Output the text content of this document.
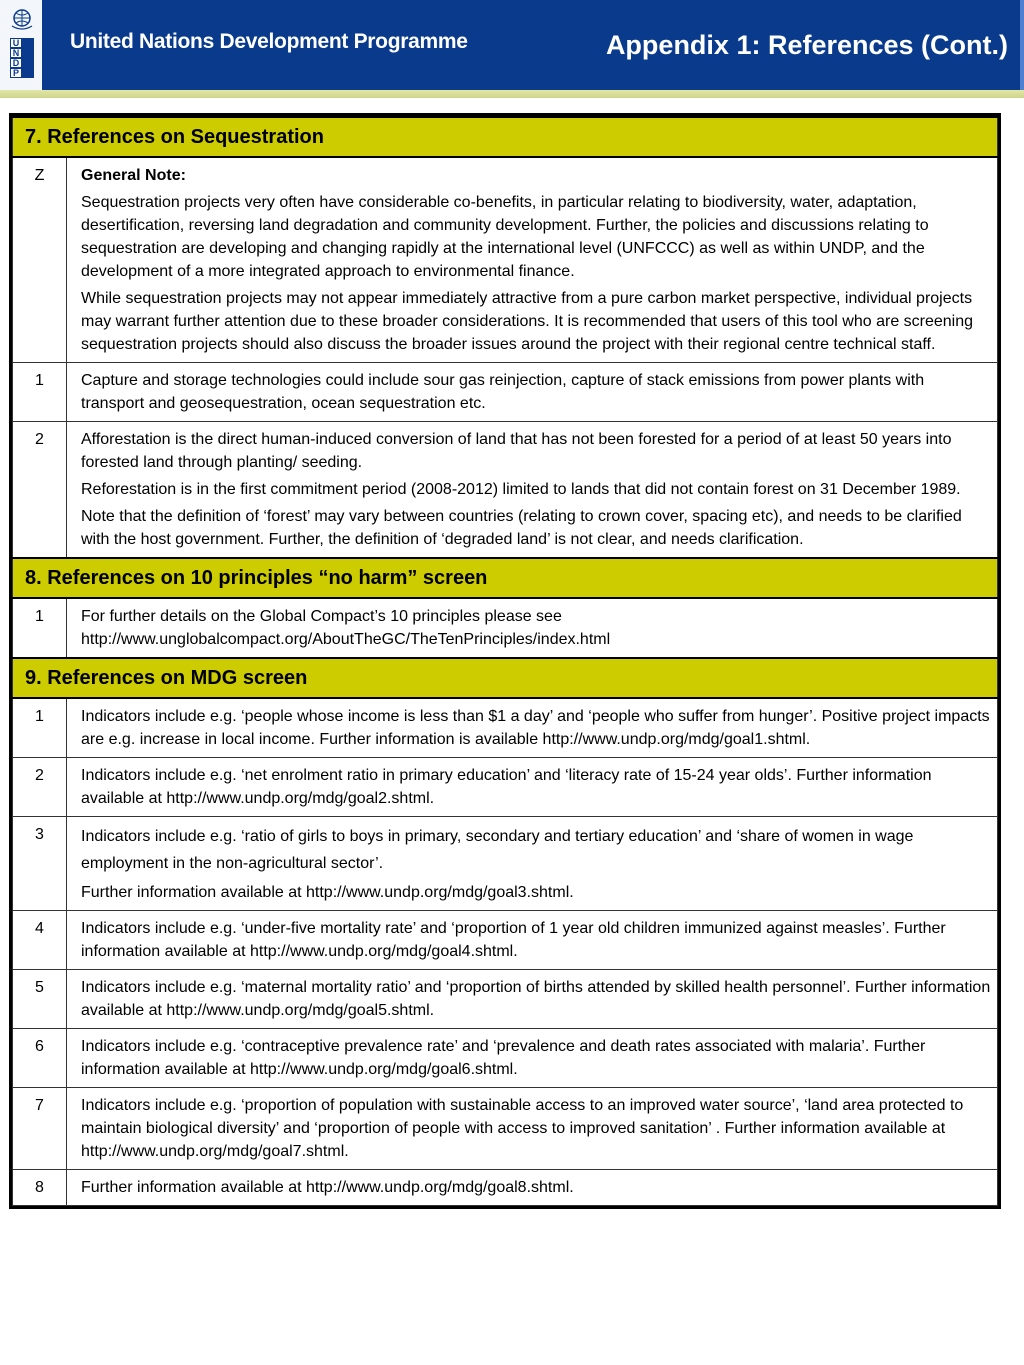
U
N
D
P
United Nations Development Programme	Appendix 1: References (Cont.)
7. References on Sequestration	
Z	General Note:

Sequestration projects very often have considerable co-benefits, in particular relating to biodiversity, water, adaptation, desertification, reversing land degradation and community development. Further, the policies and discussions relating to sequestration are developing and changing rapidly at the international level (UNFCCC) as well as within UNDP, and the development of a more integrated approach to environmental finance.

While sequestration projects may not appear immediately attractive from a pure carbon market perspective, individual projects may warrant further attention due to these broader considerations. It is recommended that users of this tool who are screening sequestration projects should also discuss the broader issues around the project with their regional centre technical staff.

1	Capture and storage technologies could include sour gas reinjection, capture of stack emissions from power plants with transport and geosequestration, ocean sequestration etc.

2	Afforestation is the direct human-induced conversion of land that has not been forested for a period of at least 50 years into forested land through planting/ seeding.

Reforestation is in the first commitment period (2008-2012) limited to lands that did not contain forest on 31 December 1989.

Note that the definition of ‘forest’ may vary between countries (relating to crown cover, spacing etc), and needs to be clarified with the host government. Further, the definition of ‘degraded land’ is not clear, and needs clarification.

8. References on 10 principles “no harm” screen	
1	For further details on the Global Compact’s 10 principles please see http://www.unglobalcompact.org/AboutTheGC/TheTenPrinciples/index.html

9. References on MDG screen	
1	Indicators include e.g. ‘people whose income is less than $1 a day’ and ‘people who suffer from hunger’. Positive project impacts are e.g. increase in local income. Further information is available http://www.undp.org/mdg/goal1.shtml.

2	Indicators include e.g. ‘net enrolment ratio in primary education’ and ‘literacy rate of 15-24 year olds’. Further information available at http://www.undp.org/mdg/goal2.shtml.

3	Indicators include e.g. ‘ratio of girls to boys in primary, secondary and tertiary education’ and ‘share of women in wage employment in the non-agricultural sector’.

Further information available at http://www.undp.org/mdg/goal3.shtml.

4	Indicators include e.g. ‘under-five mortality rate’ and ‘proportion of 1 year old children immunized against measles’. Further information available at http://www.undp.org/mdg/goal4.shtml.

5	Indicators include e.g. ‘maternal mortality ratio’ and ‘proportion of births attended by skilled health personnel’. Further information available at http://www.undp.org/mdg/goal5.shtml.

6	Indicators include e.g. ‘contraceptive prevalence rate’ and ‘prevalence and death rates associated with malaria’. Further information available at http://www.undp.org/mdg/goal6.shtml.

7	Indicators include e.g. ‘proportion of population with sustainable access to an improved water source’, ‘land area protected to maintain biological diversity’ and ‘proportion of people with access to improved sanitation’ . Further information available at http://www.undp.org/mdg/goal7.shtml.

8	Further information available at http://www.undp.org/mdg/goal8.shtml.
